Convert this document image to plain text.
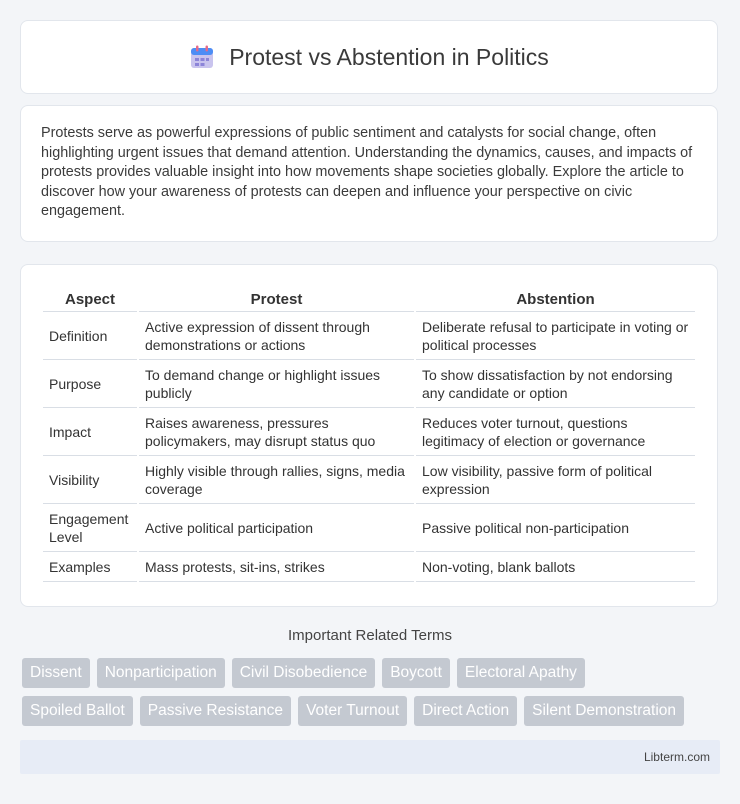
Protest vs Abstention in Politics

Protests serve as powerful expressions of public sentiment and catalysts for social change, often highlighting urgent issues that demand attention. Understanding the dynamics, causes, and impacts of protests provides valuable insight into how movements shape societies globally. Explore the article to discover how your awareness of protests can deepen and influence your perspective on civic engagement.

Aspect	Protest	Abstention
Definition	Active expression of dissent through demonstrations or actions	Deliberate refusal to participate in voting or political processes
Purpose	To demand change or highlight issues publicly	To show dissatisfaction by not endorsing any candidate or option
Impact	Raises awareness, pressures policymakers, may disrupt status quo	Reduces voter turnout, questions legitimacy of election or governance
Visibility	Highly visible through rallies, signs, media coverage	Low visibility, passive form of political expression
Engagement Level	Active political participation	Passive political non-participation
Examples	Mass protests, sit-ins, strikes	Non-voting, blank ballots
Important Related Terms
Dissent	Nonparticipation	Civil Disobedience	Boycott	Electoral Apathy
Spoiled Ballot	Passive Resistance	Voter Turnout	Direct Action	Silent Demonstration
Libterm.com
